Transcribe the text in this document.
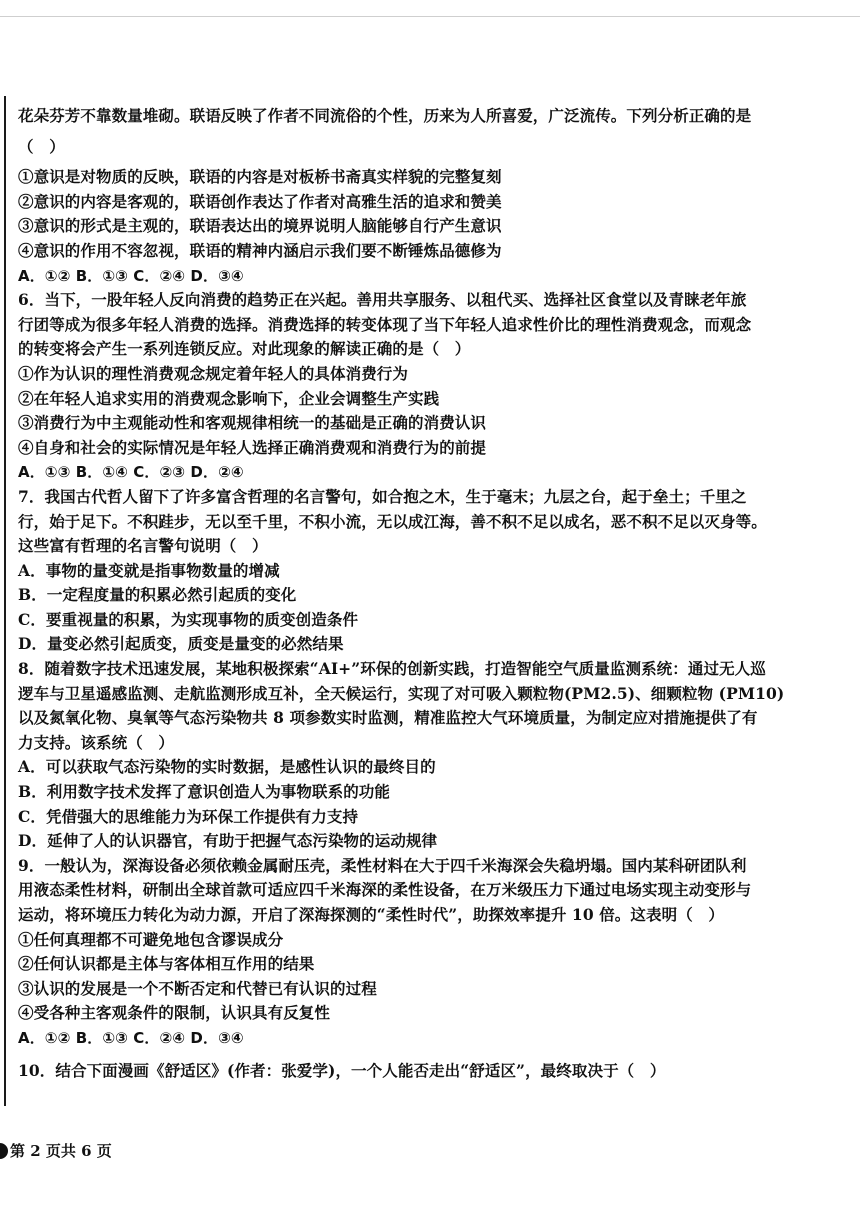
花朵芬芳不靠数量堆砌。联语反映了作者不同流俗的个性，历来为人所喜爱，广泛流传。下列分析正确的是
（　）
①意识是对物质的反映，联语的内容是对板桥书斋真实样貌的完整复刻
②意识的内容是客观的，联语创作表达了作者对高雅生活的追求和赞美
③意识的形式是主观的，联语表达出的境界说明人脑能够自行产生意识
④意识的作用不容忽视，联语的精神内涵启示我们要不断锤炼品德修为
A．①② B．①③ C．②④ D．③④
6．当下，一股年轻人反向消费的趋势正在兴起。善用共享服务、以租代买、选择社区食堂以及青睐老年旅
行团等成为很多年轻人消费的选择。消费选择的转变体现了当下年轻人追求性价比的理性消费观念，而观念
的转变将会产生一系列连锁反应。对此现象的解读正确的是（　）
①作为认识的理性消费观念规定着年轻人的具体消费行为
②在年轻人追求实用的消费观念影响下，企业会调整生产实践
③消费行为中主观能动性和客观规律相统一的基础是正确的消费认识
④自身和社会的实际情况是年轻人选择正确消费观和消费行为的前提
A．①③ B．①④ C．②③ D．②④
7．我国古代哲人留下了许多富含哲理的名言警句，如合抱之木，生于毫末；九层之台，起于垒土；千里之
行，始于足下。不积跬步，无以至千里，不积小流，无以成江海，善不积不足以成名，恶不积不足以灭身等。
这些富有哲理的名言警句说明（　）
A．事物的量变就是指事物数量的增减
B．一定程度量的积累必然引起质的变化
C．要重视量的积累，为实现事物的质变创造条件
D．量变必然引起质变，质变是量变的必然结果
8．随着数字技术迅速发展，某地积极探索“AI+”环保的创新实践，打造智能空气质量监测系统：通过无人巡
逻车与卫星遥感监测、走航监测形成互补，全天候运行，实现了对可吸入颗粒物(PM2.5)、细颗粒物 (PM10)
以及氮氧化物、臭氧等气态污染物共 8 项参数实时监测，精准监控大气环境质量，为制定应对措施提供了有
力支持。该系统（　）
A．可以获取气态污染物的实时数据，是感性认识的最终目的
B．利用数字技术发挥了意识创造人为事物联系的功能
C．凭借强大的思维能力为环保工作提供有力支持
D．延伸了人的认识器官，有助于把握气态污染物的运动规律
9．一般认为，深海设备必须依赖金属耐压壳，柔性材料在大于四千米海深会失稳坍塌。国内某科研团队利
用液态柔性材料，研制出全球首款可适应四千米海深的柔性设备，在万米级压力下通过电场实现主动变形与
运动，将环境压力转化为动力源，开启了深海探测的“柔性时代”，助探效率提升 10 倍。这表明（　）
①任何真理都不可避免地包含谬误成分
②任何认识都是主体与客体相互作用的结果
③认识的发展是一个不断否定和代替已有认识的过程
④受各种主客观条件的限制，认识具有反复性
A．①② B．①③ C．②④ D．③④
10．结合下面漫画《舒适区》(作者：张爱学)，一个人能否走出“舒适区”，最终取决于（　）
第 2 页共 6 页
